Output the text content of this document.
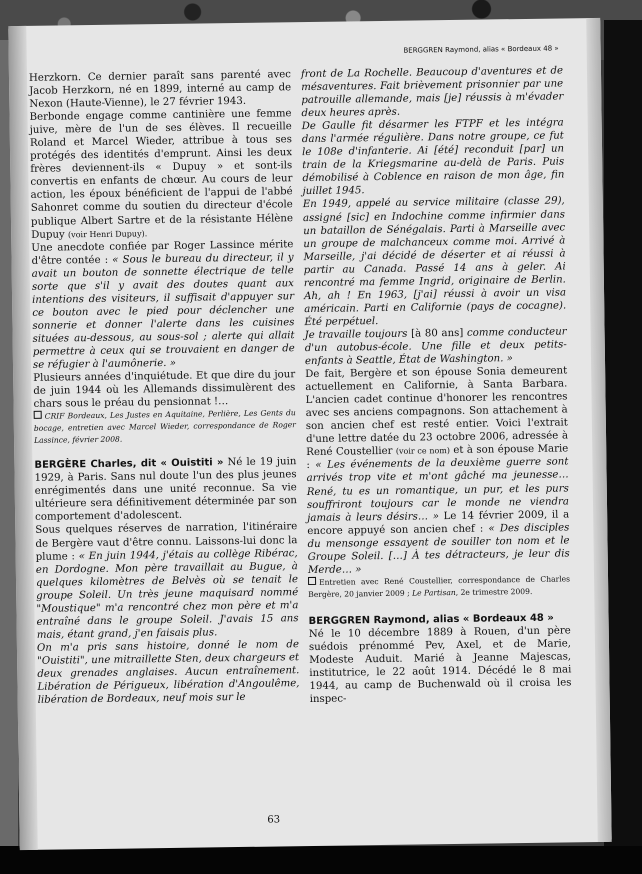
BERGGREN Raymond, alias « Bordeaux 48 »

Herzkorn. Ce dernier paraît sans parenté avec Jacob Herzkorn, né en 1899, interné au camp de Nexon (Haute-Vienne), le 27 février 1943.

Berbonde engage comme cantinière une femme juive, mère de l'un de ses élèves. Il recueille Roland et Marcel Wieder, attribue à tous ses protégés des identités d'emprunt. Ainsi les deux frères deviennent-ils « Dupuy » et sont-ils convertis en enfants de chœur. Au cours de leur action, les époux bénéficient de l'appui de l'abbé Sahonret comme du soutien du directeur d'école publique Albert Sartre et de la résistante Hélène Dupuy (voir Henri Dupuy).

Une anecdote confiée par Roger Lassince mérite d'être contée : « Sous le bureau du directeur, il y avait un bouton de sonnette électrique de telle sorte que s'il y avait des doutes quant aux intentions des visiteurs, il suffisait d'appuyer sur ce bouton avec le pied pour déclencher une sonnerie et donner l'alerte dans les cuisines situées au-dessous, au sous-sol ; alerte qui allait permettre à ceux qui se trouvaient en danger de se réfugier à l'aumônerie. »

Plusieurs années d'inquiétude. Et que dire du jour de juin 1944 où les Allemands dissimulèrent des chars sous le préau du pensionnat !…

CRIF Bordeaux, Les Justes en Aquitaine, Perlière, Les Gents du bocage, entretien avec Marcel Wieder, correspondance de Roger Lassince, février 2008.

BERGÈRE Charles, dit « Ouistiti » Né le 19 juin 1929, à Paris. Sans nul doute l'un des plus jeunes enrégimentés dans une unité reconnue. Sa vie ultérieure sera définitivement déterminée par son comportement d'adolescent.

Sous quelques réserves de narration, l'itinéraire de Bergère vaut d'être connu. Laissons-lui donc la plume : « En juin 1944, j'étais au collège Ribérac, en Dordogne. Mon père travaillait au Bugue, à quelques kilomètres de Belvès où se tenait le groupe Soleil. Un très jeune maquisard nommé "Moustique" m'a rencontré chez mon père et m'a entraîné dans le groupe Soleil. J'avais 15 ans mais, étant grand, j'en faisais plus.

On m'a pris sans histoire, donné le nom de "Ouistiti", une mitraillette Sten, deux chargeurs et deux grenades anglaises. Aucun entraînement. Libération de Périgueux, libération d'Angoulême, libération de Bordeaux, neuf mois sur le

front de La Rochelle. Beaucoup d'aventures et de mésaventures. Fait brièvement prisonnier par une patrouille allemande, mais [je] réussis à m'évader deux heures après.

De Gaulle fit désarmer les FTPF et les intégra dans l'armée régulière. Dans notre groupe, ce fut le 108e d'infanterie. Ai [été] reconduit [par] un train de la Kriegsmarine au-delà de Paris. Puis démobilisé à Coblence en raison de mon âge, fin juillet 1945.

En 1949, appelé au service militaire (classe 29), assigné [sic] en Indochine comme infirmier dans un bataillon de Sénégalais. Parti à Marseille avec un groupe de malchanceux comme moi. Arrivé à Marseille, j'ai décidé de déserter et ai réussi à partir au Canada. Passé 14 ans à geler. Ai rencontré ma femme Ingrid, originaire de Berlin. Ah, ah ! En 1963, [j'ai] réussi à avoir un visa américain. Parti en Californie (pays de cocagne). Été perpétuel.

Je travaille toujours [à 80 ans] comme conducteur d'un autobus-école. Une fille et deux petits-enfants à Seattle, État de Washington. »

De fait, Bergère et son épouse Sonia demeurent actuellement en Californie, à Santa Barbara. L'ancien cadet continue d'honorer les rencontres avec ses anciens compagnons. Son attachement à son ancien chef est resté entier. Voici l'extrait d'une lettre datée du 23 octobre 2006, adressée à René Coustellier (voir ce nom) et à son épouse Marie : « Les événements de la deuxième guerre sont arrivés trop vite et m'ont gâché ma jeunesse… René, tu es un romantique, un pur, et les purs souffriront toujours car le monde ne viendra jamais à leurs désirs… » Le 14 février 2009, il a encore appuyé son ancien chef : « Des disciples du mensonge essayent de souiller ton nom et le Groupe Soleil. […] À tes détracteurs, je leur dis Merde… »

Entretien avec René Coustellier, correspondance de Charles Bergère, 20 janvier 2009 ; Le Partisan, 2e trimestre 2009.

BERGGREN Raymond, alias « Bordeaux 48 »

Né le 10 décembre 1889 à Rouen, d'un père suédois prénommé Pev, Axel, et de Marie, Modeste Auduit. Marié à Jeanne Majescas, institutrice, le 22 août 1914. Décédé le 8 mai 1944, au camp de Buchenwald où il croisa les inspec-

63
